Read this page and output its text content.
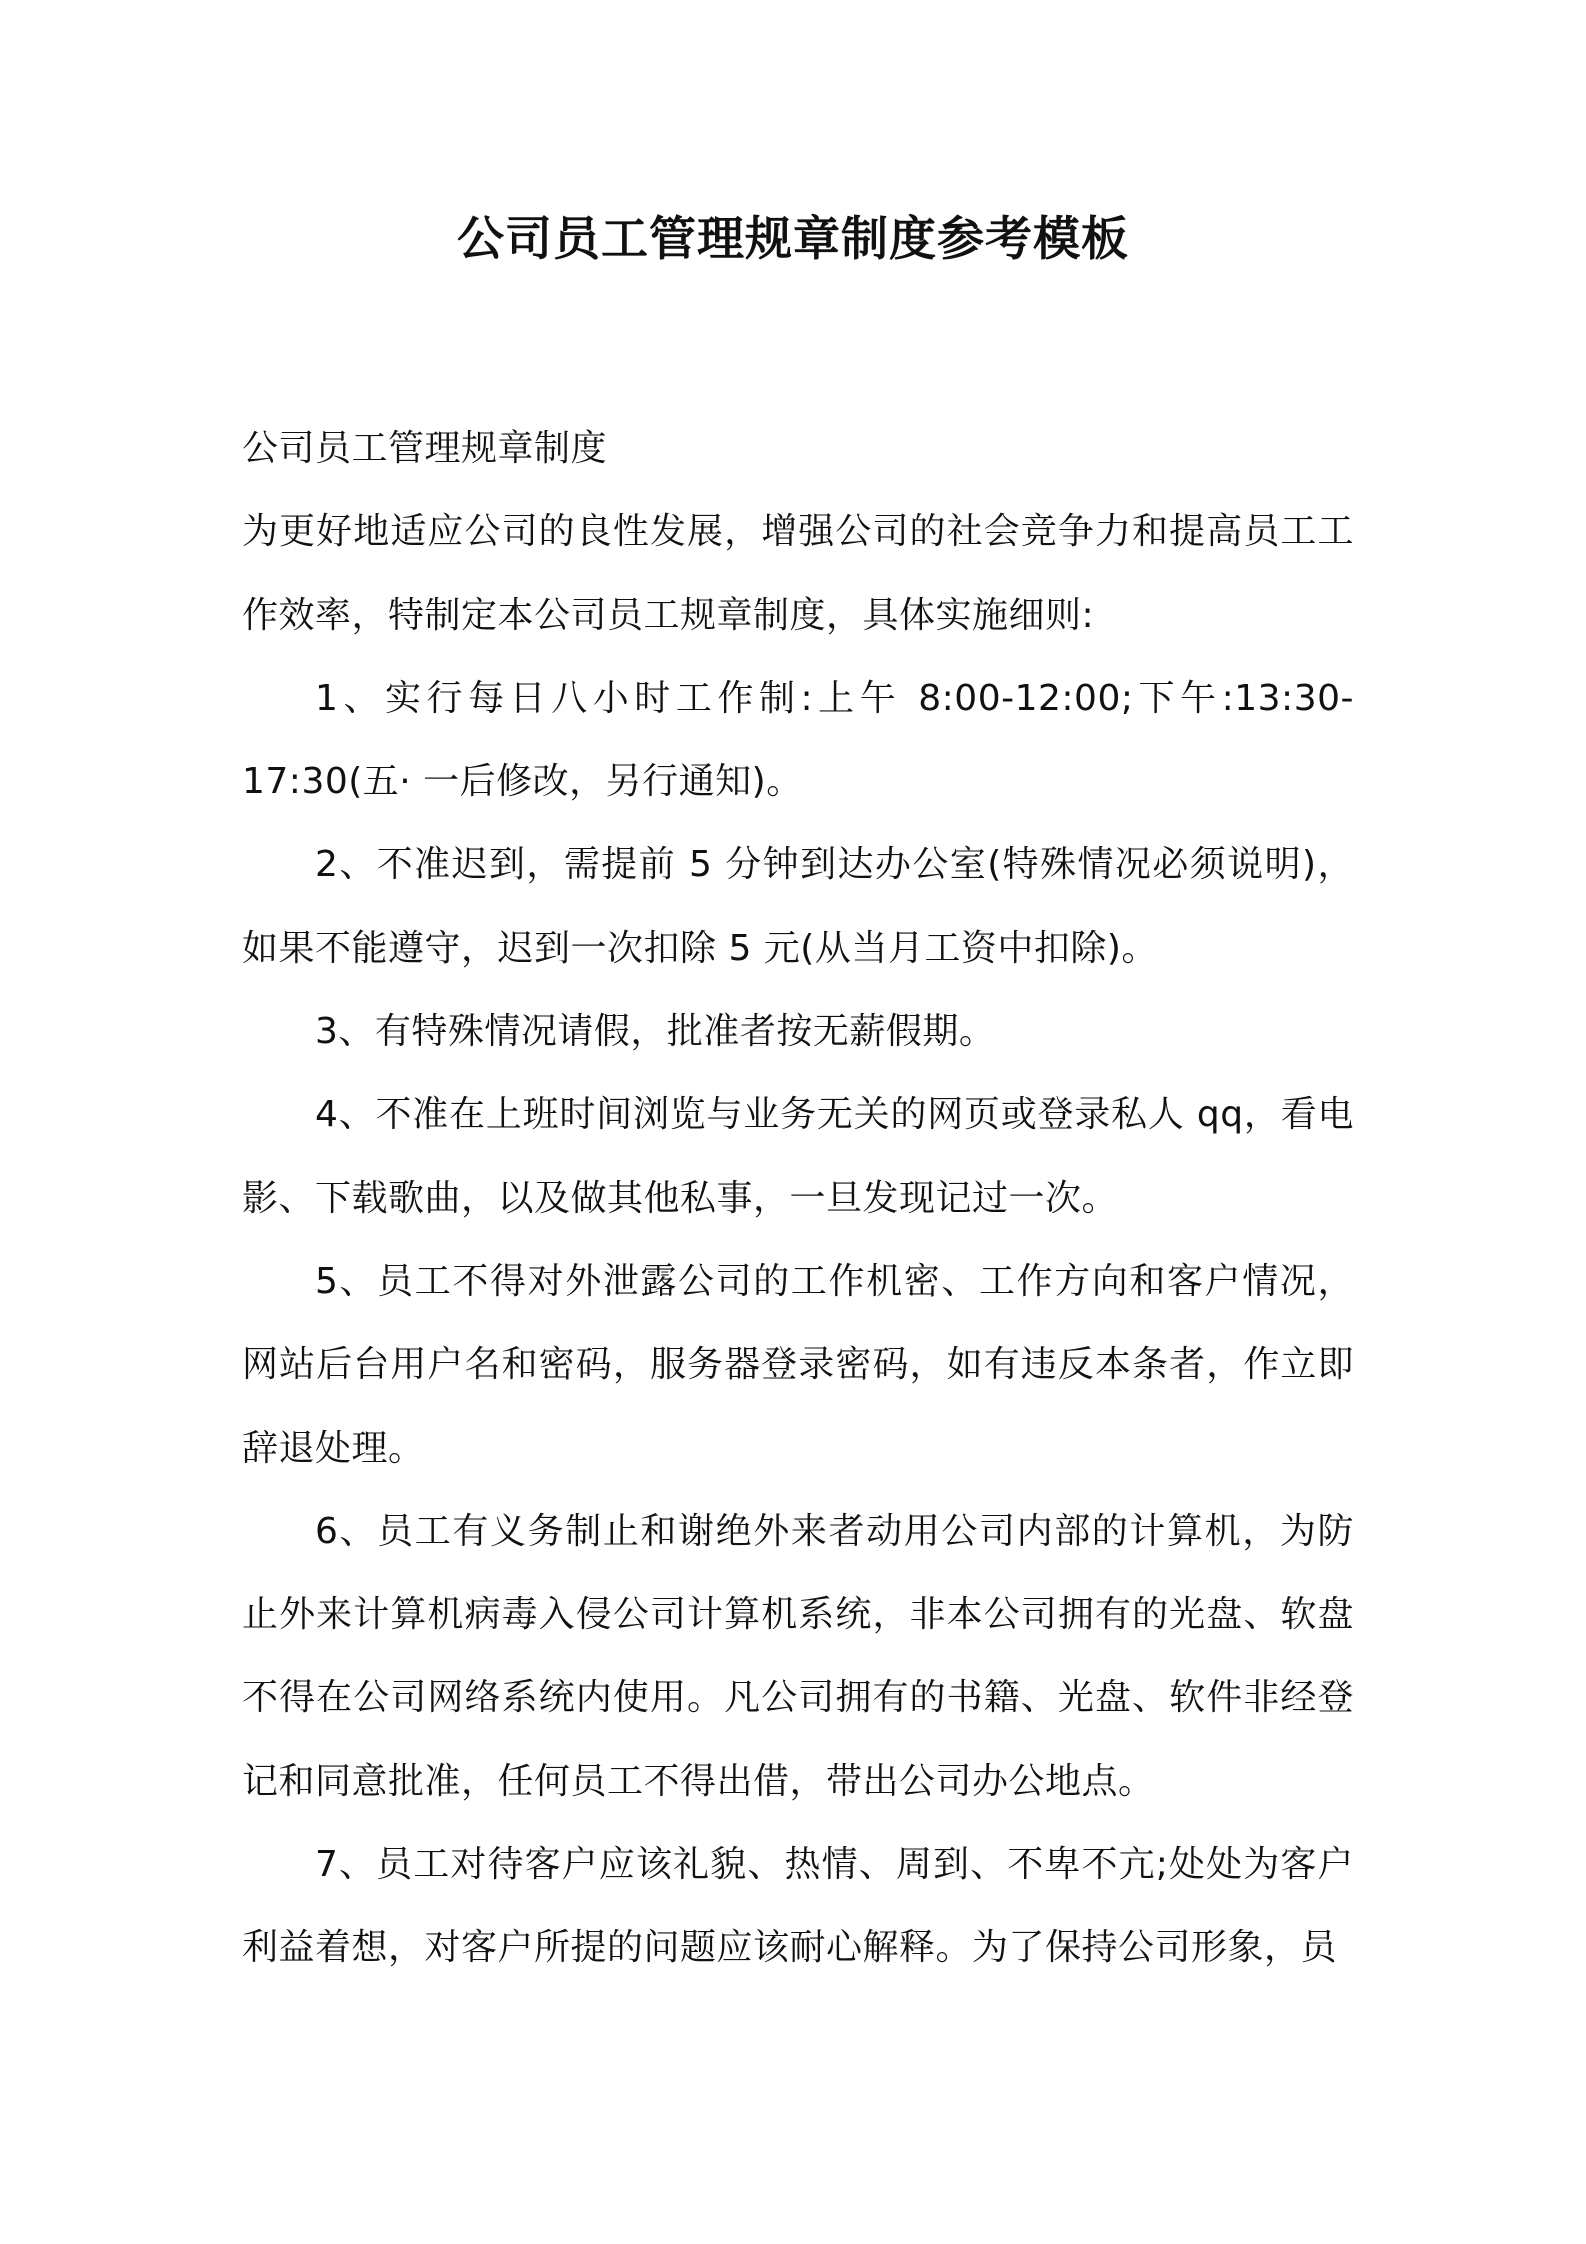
公司员工管理规章制度参考模板

公司员工管理规章制度

为更好地适应公司的良性发展，增强公司的社会竞争力和提高员工工作效率，特制定本公司员工规章制度，具体实施细则:

1、实行每日八小时工作制:上午 8:00-12:00;下午:13:30-17:30(五· 一后修改，另行通知)。

2、不准迟到，需提前 5 分钟到达办公室(特殊情况必须说明)，如果不能遵守，迟到一次扣除 5 元(从当月工资中扣除)。

3、有特殊情况请假，批准者按无薪假期。

4、不准在上班时间浏览与业务无关的网页或登录私人 qq，看电影、下载歌曲，以及做其他私事，一旦发现记过一次。

5、员工不得对外泄露公司的工作机密、工作方向和客户情况，网站后台用户名和密码，服务器登录密码，如有违反本条者，作立即辞退处理。

6、员工有义务制止和谢绝外来者动用公司内部的计算机，为防止外来计算机病毒入侵公司计算机系统，非本公司拥有的光盘、软盘不得在公司网络系统内使用。凡公司拥有的书籍、光盘、软件非经登记和同意批准，任何员工不得出借，带出公司办公地点。

7、员工对待客户应该礼貌、热情、周到、不卑不亢;处处为客户利益着想，对客户所提的问题应该耐心解释。为了保持公司形象，员
